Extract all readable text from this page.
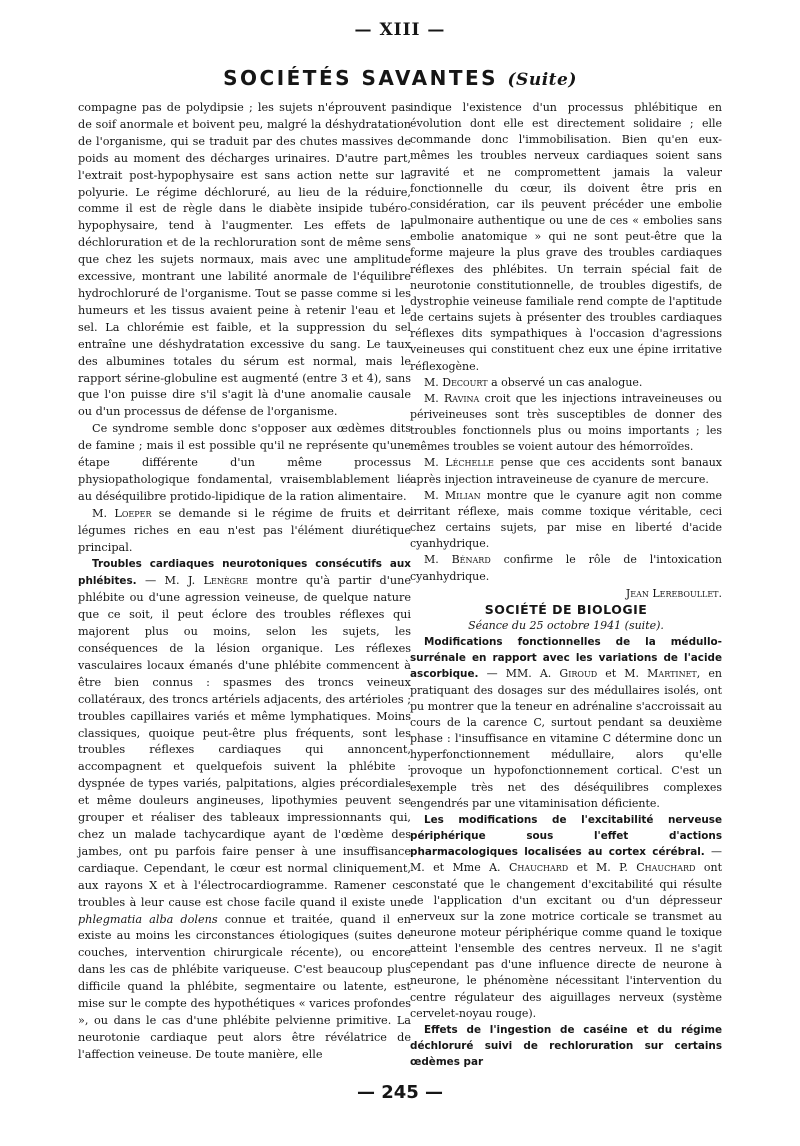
— XIII —
SOCIÉTÉS SAVANTES (Suite)

compagne pas de polydipsie ; les sujets n'éprouvent pas de soif anormale et boivent peu, malgré la déshydratation de l'organisme, qui se traduit par des chutes massives de poids au moment des décharges urinaires. D'autre part, l'extrait post-hypophysaire est sans action nette sur la polyurie. Le régime déchloruré, au lieu de la réduire, comme il est de règle dans le diabète insipide tubéro-hypophysaire, tend à l'augmenter. Les effets de la déchloruration et de la rechloruration sont de même sens que chez les sujets normaux, mais avec une amplitude excessive, montrant une labilité anormale de l'équilibre hydrochloruré de l'organisme. Tout se passe comme si les humeurs et les tissus avaient peine à retenir l'eau et le sel. La chlorémie est faible, et la suppression du sel entraîne une déshydratation excessive du sang. Le taux des albumines totales du sérum est normal, mais le rapport sérine-globuline est augmenté (entre 3 et 4), sans que l'on puisse dire s'il s'agit là d'une anomalie causale ou d'un processus de défense de l'organisme.

Ce syndrome semble donc s'opposer aux œdèmes dits de famine ; mais il est possible qu'il ne représente qu'une étape différente d'un même processus physiopathologique fondamental, vraisemblablement lié au déséquilibre protido-lipidique de la ration alimentaire.

M. Loeper se demande si le régime de fruits et de légumes riches en eau n'est pas l'élément diurétique principal.

Troubles cardiaques neurotoniques consécutifs aux phlébites. — M. J. Lenègre montre qu'à partir d'une phlébite ou d'une agression veineuse, de quelque nature que ce soit, il peut éclore des troubles réflexes qui majorent plus ou moins, selon les sujets, les conséquences de la lésion organique. Les réflexes vasculaires locaux émanés d'une phlébite commencent à être bien connus : spasmes des troncs veineux collatéraux, des troncs artériels adjacents, des artérioles ; troubles capillaires variés et même lymphatiques. Moins classiques, quoique peut-être plus fréquents, sont les troubles réflexes cardiaques qui annoncent, accompagnent et quelquefois suivent la phlébite : dyspnée de types variés, palpitations, algies précordiales et même douleurs angineuses, lipothymies peuvent se grouper et réaliser des tableaux impressionnants qui, chez un malade tachycardique ayant de l'œdème des jambes, ont pu parfois faire penser à une insuffisance cardiaque. Cependant, le cœur est normal cliniquement, aux rayons X et à l'électrocardiogramme. Ramener ces troubles à leur cause est chose facile quand il existe une phlegmatia alba dolens connue et traitée, quand il en existe au moins les circonstances étiologiques (suites de couches, intervention chirurgicale récente), ou encore dans les cas de phlébite variqueuse. C'est beaucoup plus difficile quand la phlébite, segmentaire ou latente, est mise sur le compte des hypothétiques « varices profondes », ou dans le cas d'une phlébite pelvienne primitive. La neurotonie cardiaque peut alors être révélatrice de l'affection veineuse. De toute manière, elle

indique l'existence d'un processus phlébitique en évolution dont elle est directement solidaire ; elle commande donc l'immobilisation. Bien qu'en eux-mêmes les troubles nerveux cardiaques soient sans gravité et ne compromettent jamais la valeur fonctionnelle du cœur, ils doivent être pris en considération, car ils peuvent précéder une embolie pulmonaire authentique ou une de ces « embolies sans embolie anatomique » qui ne sont peut-être que la forme majeure la plus grave des troubles cardiaques réflexes des phlébites. Un terrain spécial fait de neurotonie constitutionnelle, de troubles digestifs, de dystrophie veineuse familiale rend compte de l'aptitude de certains sujets à présenter des troubles cardiaques réflexes dits sympathiques à l'occasion d'agressions veineuses qui constituent chez eux une épine irritative réflexogène.

M. Decourt a observé un cas analogue.

M. Ravina croit que les injections intraveineuses ou périveineuses sont très susceptibles de donner des troubles fonctionnels plus ou moins importants ; les mêmes troubles se voient autour des hémorroïdes.

M. Léchelle pense que ces accidents sont banaux après injection intraveineuse de cyanure de mercure.

M. Milian montre que le cyanure agit non comme irritant réflexe, mais comme toxique véritable, ceci chez certains sujets, par mise en liberté d'acide cyanhydrique.

M. Bénard confirme le rôle de l'intoxication cyanhydrique.

Jean Lereboullet.

SOCIÉTÉ DE BIOLOGIE

Séance du 25 octobre 1941 (suite).

Modifications fonctionnelles de la médullo-surrénale en rapport avec les variations de l'acide ascorbique. — MM. A. Giroud et M. Martinet, en pratiquant des dosages sur des médullaires isolés, ont pu montrer que la teneur en adrénaline s'accroissait au cours de la carence C, surtout pendant sa deuxième phase : l'insuffisance en vitamine C détermine donc un hyperfonctionnement médullaire, alors qu'elle provoque un hypofonctionnement cortical. C'est un exemple très net des déséquilibres complexes engendrés par une vitaminisation déficiente.

Les modifications de l'excitabilité nerveuse périphérique sous l'effet d'actions pharmacologiques localisées au cortex cérébral. — M. et Mme A. Chauchard et M. P. Chauchard ont constaté que le changement d'excitabilité qui résulte de l'application d'un excitant ou d'un dépresseur nerveux sur la zone motrice corticale se transmet au neurone moteur périphérique comme quand le toxique atteint l'ensemble des centres nerveux. Il ne s'agit cependant pas d'une influence directe de neurone à neurone, le phénomène nécessitant l'intervention du centre régulateur des aiguillages nerveux (système cervelet-noyau rouge).

Effets de l'ingestion de caséine et du régime déchloruré suivi de rechloruration sur certains œdèmes par

— 245 —
